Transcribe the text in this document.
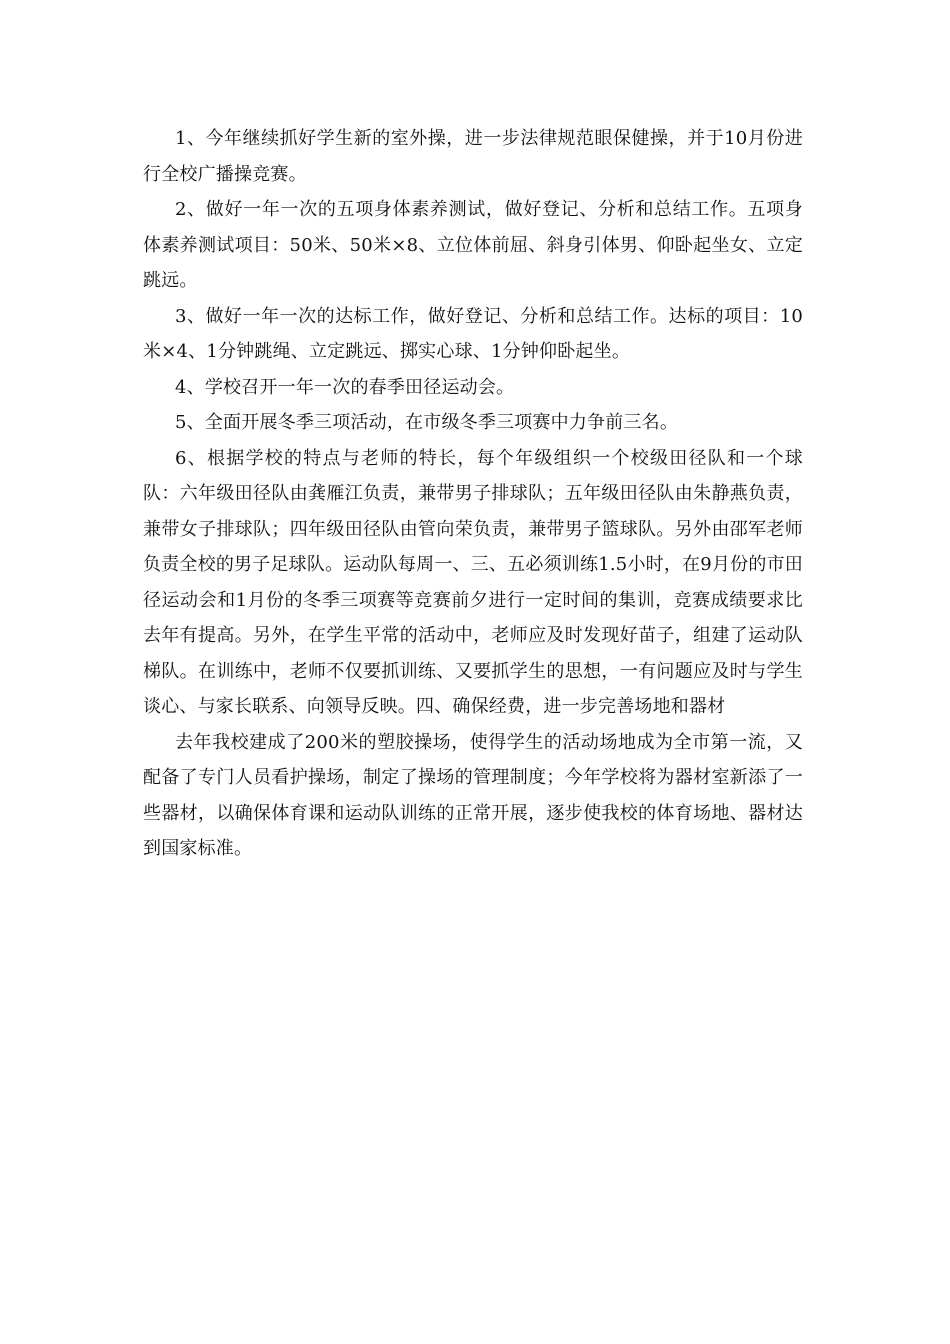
1、今年继续抓好学生新的室外操，进一步法律规范眼保健操，并于10月份进行全校广播操竞赛。

2、做好一年一次的五项身体素养测试，做好登记、分析和总结工作。五项身体素养测试项目：50米、50米×8、立位体前屈、斜身引体男、仰卧起坐女、立定跳远。

3、做好一年一次的达标工作，做好登记、分析和总结工作。达标的项目：10米×4、1分钟跳绳、立定跳远、掷实心球、1分钟仰卧起坐。

4、学校召开一年一次的春季田径运动会。

5、全面开展冬季三项活动，在市级冬季三项赛中力争前三名。

6、根据学校的特点与老师的特长，每个年级组织一个校级田径队和一个球队：六年级田径队由龚雁江负责，兼带男子排球队；五年级田径队由朱静燕负责，兼带女子排球队；四年级田径队由管向荣负责，兼带男子篮球队。另外由邵军老师负责全校的男子足球队。运动队每周一、三、五必须训练1.5小时，在9月份的市田径运动会和1月份的冬季三项赛等竞赛前夕进行一定时间的集训，竞赛成绩要求比去年有提高。另外，在学生平常的活动中，老师应及时发现好苗子，组建了运动队梯队。在训练中，老师不仅要抓训练、又要抓学生的思想，一有问题应及时与学生谈心、与家长联系、向领导反映。四、确保经费，进一步完善场地和器材

去年我校建成了200米的塑胶操场，使得学生的活动场地成为全市第一流，又配备了专门人员看护操场，制定了操场的管理制度；今年学校将为器材室新添了一些器材，以确保体育课和运动队训练的正常开展，逐步使我校的体育场地、器材达到国家标准。
